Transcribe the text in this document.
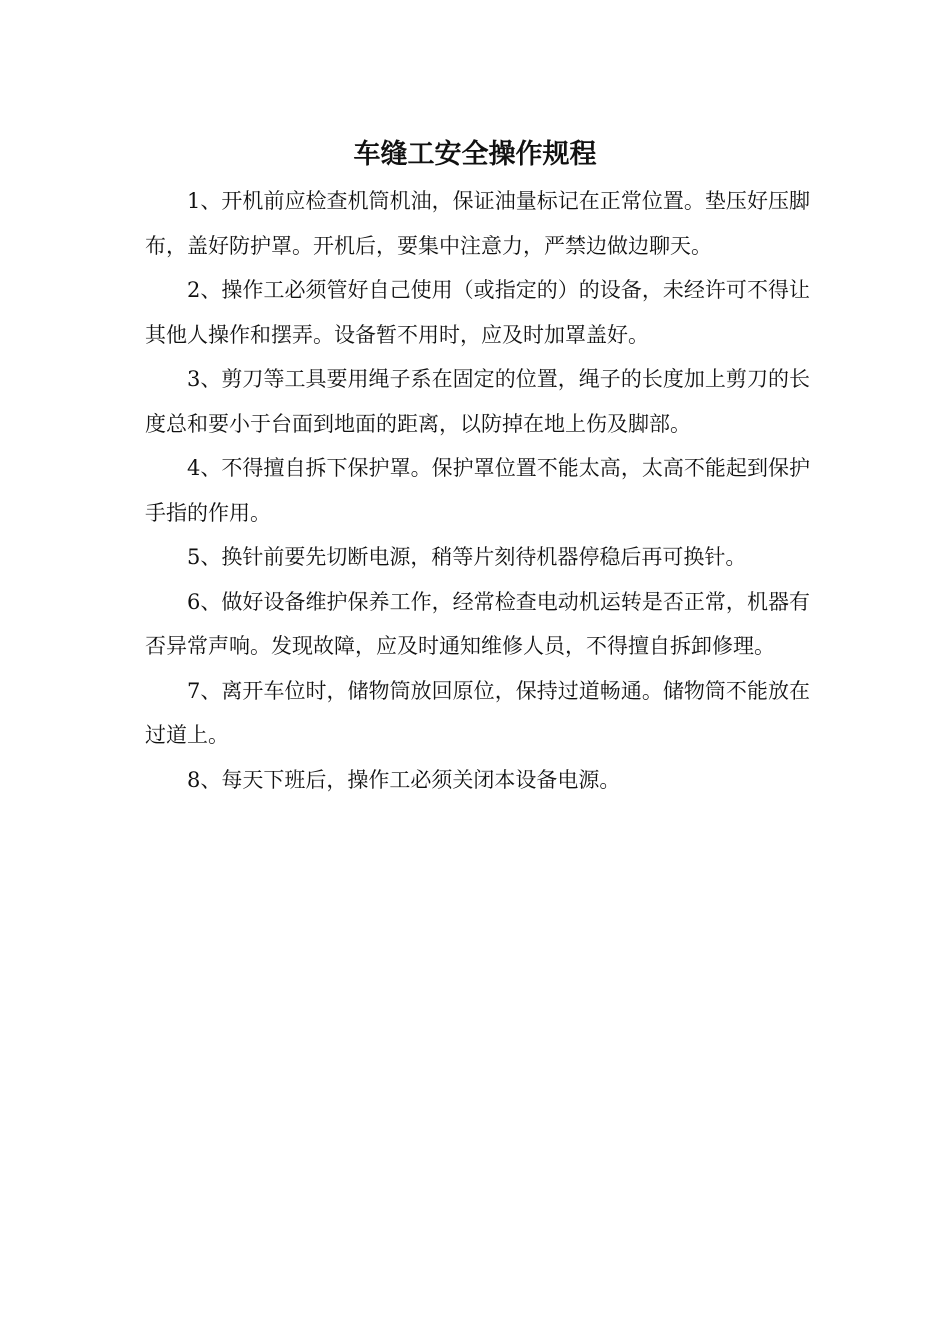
车缝工安全操作规程

1、开机前应检查机筒机油，保证油量标记在正常位置。垫压好压脚布，盖好防护罩。开机后，要集中注意力，严禁边做边聊天。

2、操作工必须管好自己使用（或指定的）的设备，未经许可不得让其他人操作和摆弄。设备暂不用时，应及时加罩盖好。

3、剪刀等工具要用绳子系在固定的位置，绳子的长度加上剪刀的长度总和要小于台面到地面的距离，以防掉在地上伤及脚部。

4、不得擅自拆下保护罩。保护罩位置不能太高，太高不能起到保护手指的作用。

5、换针前要先切断电源，稍等片刻待机器停稳后再可换针。

6、做好设备维护保养工作，经常检查电动机运转是否正常，机器有否异常声响。发现故障，应及时通知维修人员，不得擅自拆卸修理。

7、离开车位时，储物筒放回原位，保持过道畅通。储物筒不能放在过道上。

8、每天下班后，操作工必须关闭本设备电源。
